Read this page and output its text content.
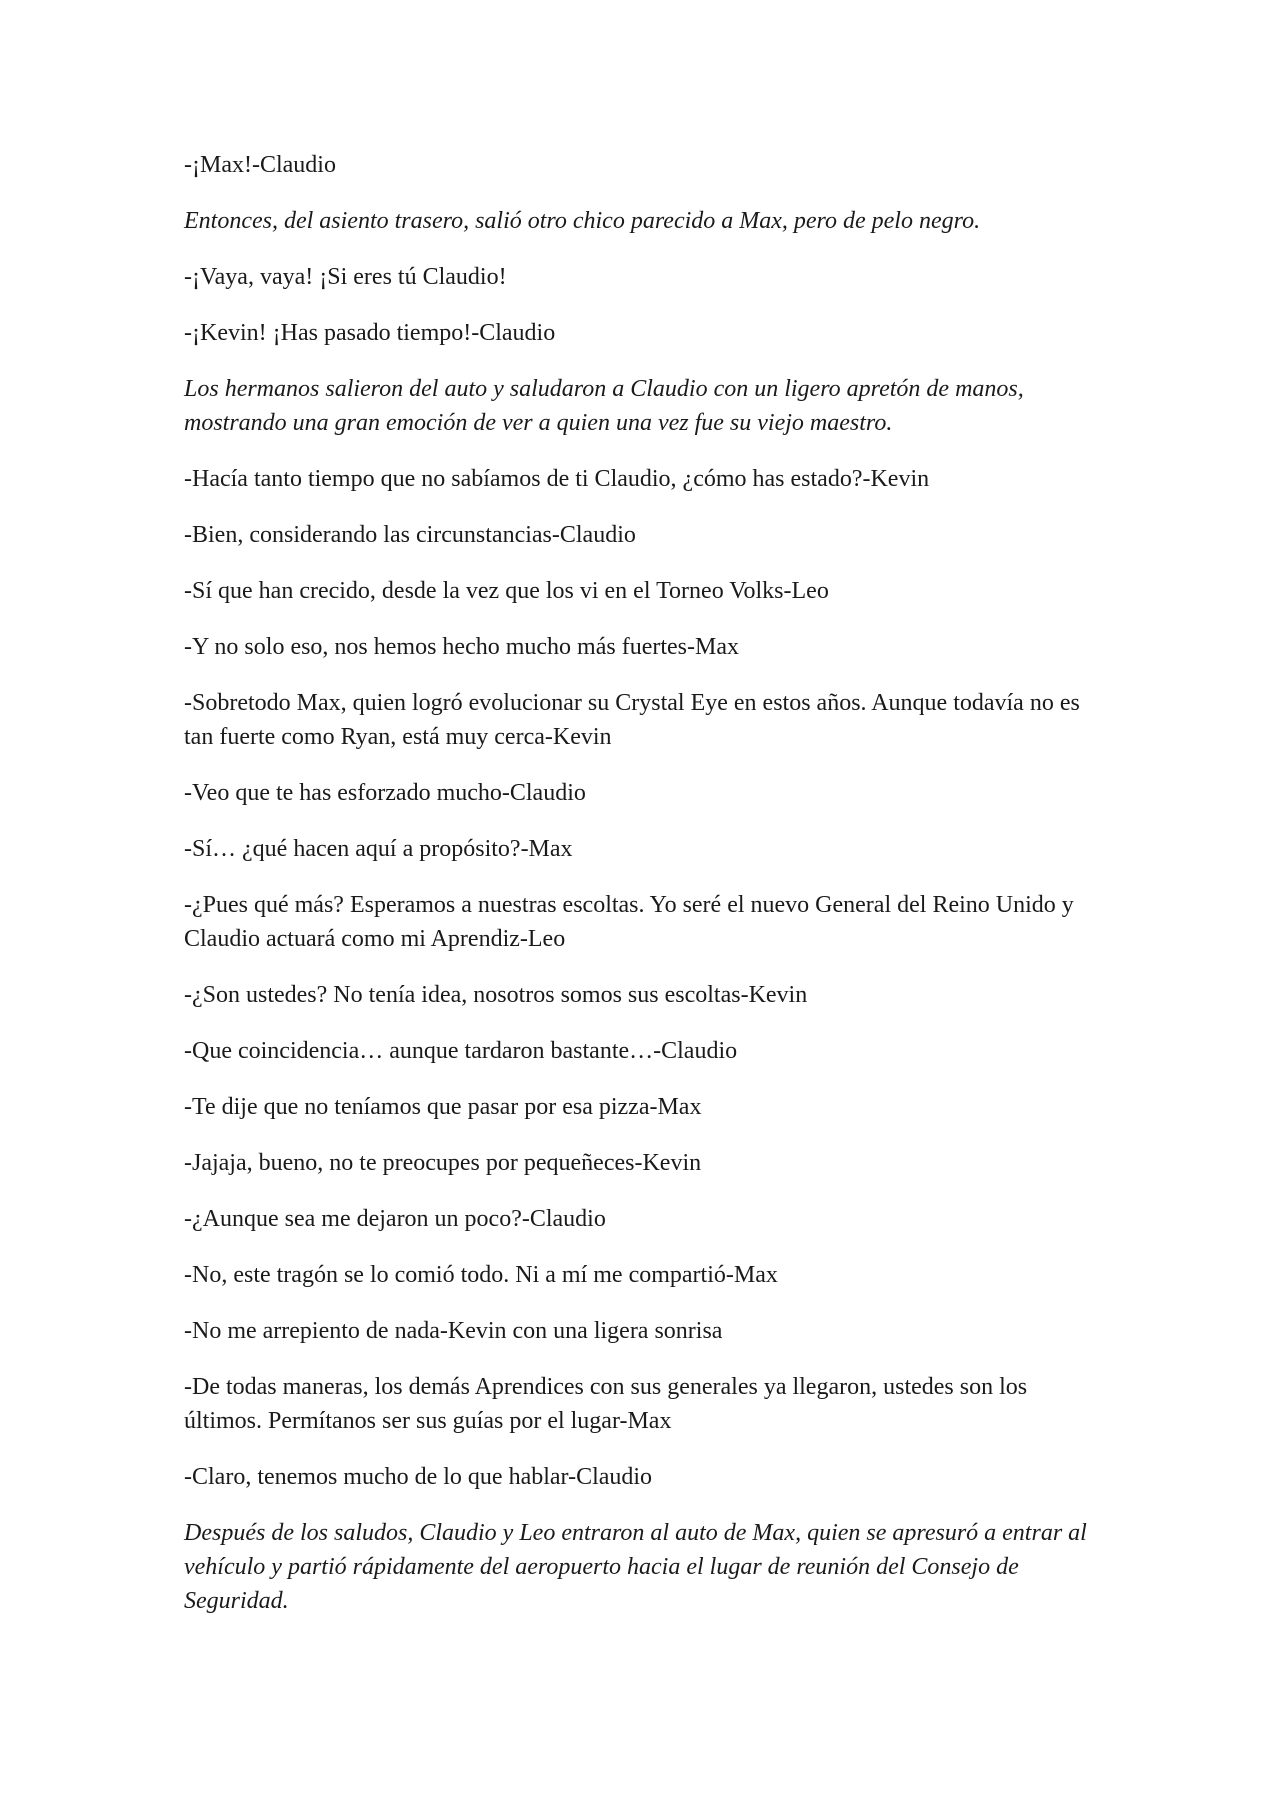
-¡Max!-Claudio

Entonces, del asiento trasero, salió otro chico parecido a Max, pero de pelo negro.

-¡Vaya, vaya! ¡Si eres tú Claudio!

-¡Kevin! ¡Has pasado tiempo!-Claudio

Los hermanos salieron del auto y saludaron a Claudio con un ligero apretón de manos, mostrando una gran emoción de ver a quien una vez fue su viejo maestro.

-Hacía tanto tiempo que no sabíamos de ti Claudio, ¿cómo has estado?-Kevin

-Bien, considerando las circunstancias-Claudio

-Sí que han crecido, desde la vez que los vi en el Torneo Volks-Leo

-Y no solo eso, nos hemos hecho mucho más fuertes-Max

-Sobretodo Max, quien logró evolucionar su Crystal Eye en estos años. Aunque todavía no es tan fuerte como Ryan, está muy cerca-Kevin

-Veo que te has esforzado mucho-Claudio

-Sí… ¿qué hacen aquí a propósito?-Max

-¿Pues qué más? Esperamos a nuestras escoltas. Yo seré el nuevo General del Reino Unido y Claudio actuará como mi Aprendiz-Leo

-¿Son ustedes? No tenía idea, nosotros somos sus escoltas-Kevin

-Que coincidencia… aunque tardaron bastante…-Claudio

-Te dije que no teníamos que pasar por esa pizza-Max

-Jajaja, bueno, no te preocupes por pequeñeces-Kevin

-¿Aunque sea me dejaron un poco?-Claudio

-No, este tragón se lo comió todo. Ni a mí me compartió-Max

-No me arrepiento de nada-Kevin con una ligera sonrisa

-De todas maneras, los demás Aprendices con sus generales ya llegaron, ustedes son los últimos. Permítanos ser sus guías por el lugar-Max

-Claro, tenemos mucho de lo que hablar-Claudio

Después de los saludos, Claudio y Leo entraron al auto de Max, quien se apresuró a entrar al vehículo y partió rápidamente del aeropuerto hacia el lugar de reunión del Consejo de Seguridad.
